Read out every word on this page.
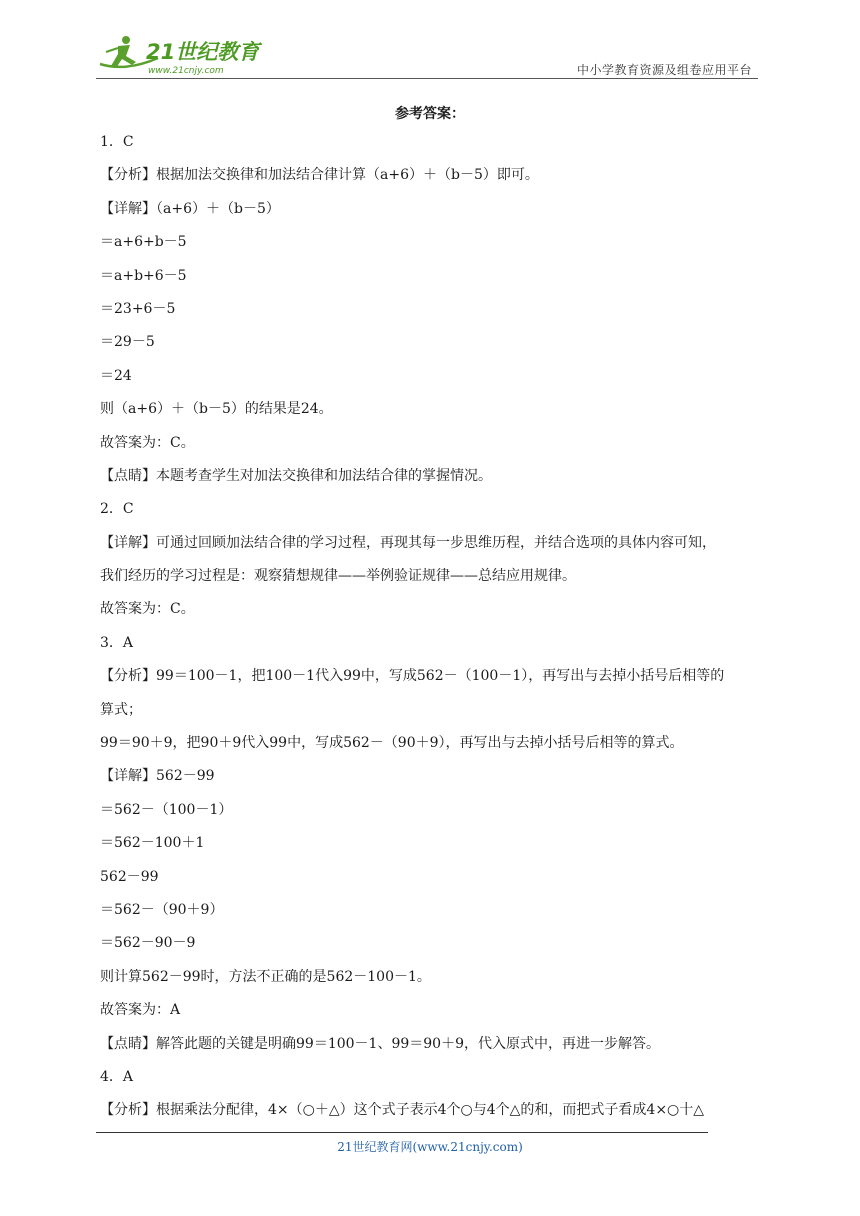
21世纪教育
www.21cnjy.com	中小学教育资源及组卷应用平台
参考答案：
1．C
【分析】根据加法交换律和加法结合律计算（a+6）＋（b－5）即可。
【详解】（a+6）＋（b－5）
＝a+6+b－5
＝a+b+6－5
＝23+6－5
＝29－5
＝24
则（a+6）＋（b－5）的结果是24。
故答案为：C。
【点睛】本题考查学生对加法交换律和加法结合律的掌握情况。
2．C
【详解】可通过回顾加法结合律的学习过程，再现其每一步思维历程，并结合选项的具体内容可知，
我们经历的学习过程是：观察猜想规律——举例验证规律——总结应用规律。
故答案为：C。
3．A
【分析】99＝100－1，把100－1代入99中，写成562－（100－1），再写出与去掉小括号后相等的
算式；
99＝90＋9，把90＋9代入99中，写成562－（90＋9），再写出与去掉小括号后相等的算式。
【详解】562－99
＝562－（100－1）
＝562－100＋1
562－99
＝562－（90＋9）
＝562－90－9
则计算562－99时，方法不正确的是562－100－1。
故答案为：A
【点睛】解答此题的关键是明确99＝100－1、99＝90＋9，代入原式中，再进一步解答。
4．A
【分析】根据乘法分配律，4×（○＋△）这个式子表示4个○与4个△的和，而把式子看成4×○十△
21世纪教育网(www.21cnjy.com)
